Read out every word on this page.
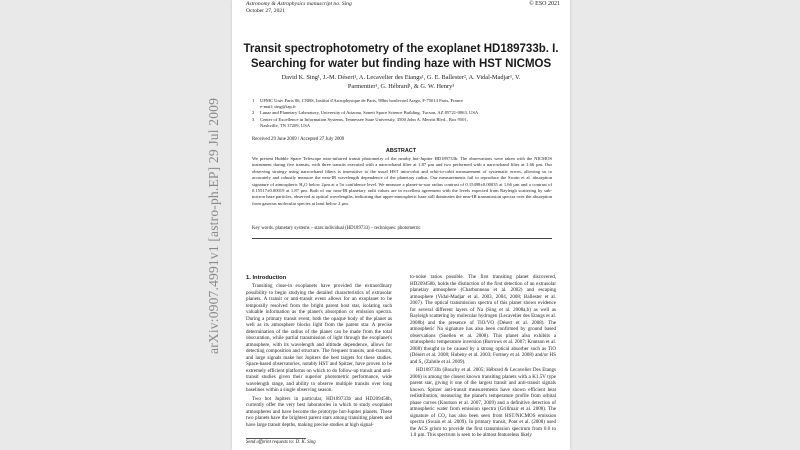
arXiv:0907.4991v1 [astro-ph.EP] 29 Jul 2009
Astronomy & Astrophysics manuscript no. Sing
October 27, 2021
© ESO 2021
Transit spectrophotometry of the exoplanet HD189733b. I.
Searching for water but finding haze with HST NICMOS
David K. Sing¹, J.-M. Désert¹, A. Lecavelier des Etangs¹, G. E. Ballester², A. Vidal-Madjar¹, V.
Parmentier¹, G. Hébrard¹, & G. W. Henry³
1	UPMC Univ Paris 06, CNRS, Institut d'Astrophysique de Paris, 98bis boulevard Arago, F-75014 Paris, France
e-mail: sing@iap.fr
2	Lunar and Planetary Laboratory, University of Arizona, Sonett Space Science Building, Tucson, AZ 85721-0063, USA
3	Center of Excellence in Information Systems, Tennessee State University, 3500 John A. Merritt Blvd., Box 9501,
Nashville, TN 37209, USA
Received 29 June 2009 / Accepted 27 July 2009
ABSTRACT
We present Hubble Space Telescope near-infrared transit photometry of the nearby hot-Jupiter HD189733b. The observations were taken with the NICMOS instrument during five transits, with three transits executed with a narrowband filter at 1.87 µm and two performed with a narrowband filter at 1.66 µm. Our observing strategy using narrowband filters is insensitive to the usual HST intra-orbit and orbit-to-orbit measurement of systematic errors, allowing us to accurately and robustly measure the near-IR wavelength dependence of the planetary radius. Our measurements fail to reproduce the Swain et al. absorption signature of atmospheric H₂O below 2µm at a 5σ confidence level. We measure a planet-to-star radius contrast of 0.15498±0.00035 at 1.66 µm and a contrast of 0.15517±0.00019 at 1.87 µm. Both of our near-IR planetary radii values are in excellent agreement with the levels expected from Rayleigh scattering by sub-micron haze particles, observed at optical wavelengths, indicating that upper-atmospheric haze still dominates the near-IR transmission spectra over the absorption from gaseous molecular species at least below 2 µm.
Key words. planetary systems – stars:individual (HD189733) – techniques: photometric
1. Introduction

Transiting close-in exoplanets have provided the extraordinary possibility to begin studying the detailed characteristics of extrasolar planets. A transit or anti-transit event allows for an exoplanet to be temporally resolved from the bright parent host star, isolating such valuable information as the planet's absorption or emission spectra. During a primary transit event, both the opaque body of the planet as well as its atmosphere blocks light from the parent star. A precise determination of the radius of the planet can be made from the total obscuration, while partial transmission of light through the exoplanet's atmosphere, with its wavelength and altitude dependence, allows for detecting composition and structure. The frequent transits, anti-transits, and large signals make hot Jupiters the best targets for these studies. Space-based observatories, notably HST and Spitzer, have proven to be extremely efficient platforms on which to do follow-up transit and anti-transit studies given their superior photometric performance, wide wavelength range, and ability to observe multiple transits over long baselines within a single observing season.

Two hot Jupiters in particular, HD189733b and HD209458b, currently offer the very best laboratories in which to study exoplanet atmospheres and have become the prototype hot-Jupiter planets. These two planets have the brightest parent stars among transiting planets and have large transit depths, making precise studies at high signal-

to-noise ratios possible. The first transiting planet discovered, HD209458b, holds the distinction of the first detection of an extrasolar planetary atmosphere (Charbonneau et al. 2002) and escaping atmosphere (Vidal-Madjar et al. 2003, 2004, 2008; Ballester et al. 2007). The optical transmission spectra of this planet shows evidence for several different layers of Na (Sing et al. 2008a,b) as well as Rayleigh scattering by molecular hydrogen (Lecavelier des Etangs et al. 2008b) and the presence of TiO/VO (Désert et al. 2008). The atmospheric Na signature has also been confirmed by ground based observations (Snellen et al. 2008). This planet also exhibits a stratospheric temperature inversion (Burrows et al. 2007; Knutson et al. 2008) thought to be caused by a strong optical absorber such as TiO (Désert et al. 2008; Hubeny et al. 2003; Fortney et al. 2008) and/or HS and S₂ (Zahnle et al. 2009).

HD189733b (Bouchy et al. 2005; Hébrard & Lecavelier Des Etangs 2006) is among the closest known transiting planets with a K1.5V type parent star, giving it one of the largest transit and anti-transit signals known. Spitzer anti-transit measurements have shown efficient heat redistribution, measuring the planet's temperature profile from orbital phase curves (Knutson et al. 2007, 2009) and a definitive detection of atmospheric water from emission spectra (Grillmair et al. 2008). The signature of CO₂ has also been seen from HST/NICMOS emission spectra (Swain et al. 2009). In primary transit, Pont et al. (2008) used the ACS grism to provide the first transmission spectrum from 0.6 to 1.0 µm. This spectrum is seen to be almost featureless likely

Send offprint requests to: D. K. Sing
